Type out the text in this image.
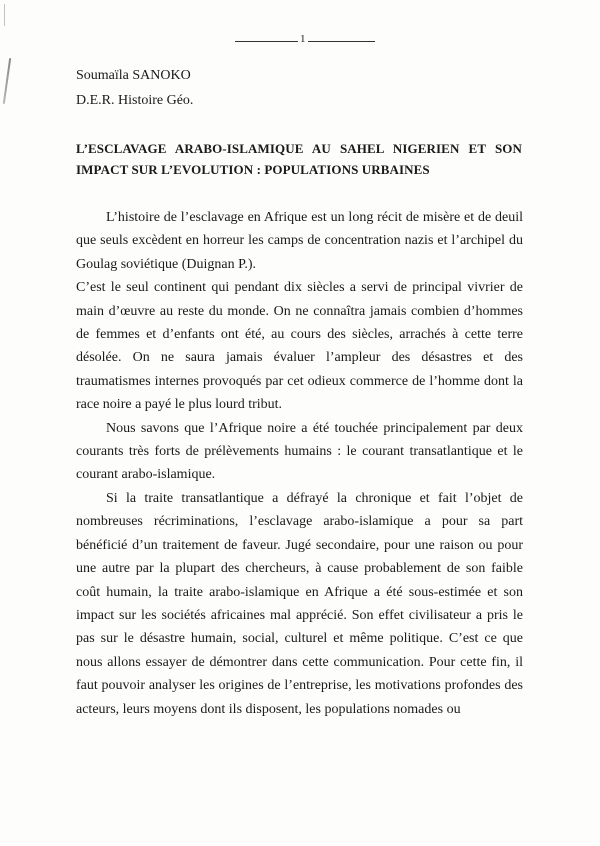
1
Soumaïla SANOKO
D.E.R. Histoire Géo.
L’ESCLAVAGE ARABO-ISLAMIQUE AU SAHEL NIGERIEN ET SON IMPACT SUR L’EVOLUTION : POPULATIONS URBAINES

L’histoire de l’esclavage en Afrique est un long récit de misère et de deuil que seuls excèdent en horreur les camps de concentration nazis et l’archipel du Goulag soviétique (Duignan P.).

C’est le seul continent qui pendant dix siècles a servi de principal vivrier de main d’œuvre au reste du monde. On ne connaîtra jamais combien d’hommes de femmes et d’enfants ont été, au cours des siècles, arrachés à cette terre désolée. On ne saura jamais évaluer l’ampleur des désastres et des traumatismes internes provoqués par cet odieux commerce de l’homme dont la race noire a payé le plus lourd tribut.

Nous savons que l’Afrique noire a été touchée principalement par deux courants très forts de prélèvements humains : le courant transatlantique et le courant arabo-islamique.

Si la traite transatlantique a défrayé la chronique et fait l’objet de nombreuses récriminations, l’esclavage arabo-islamique a pour sa part bénéficié d’un traitement de faveur. Jugé secondaire, pour une raison ou pour une autre par la plupart des chercheurs, à cause probablement de son faible coût humain, la traite arabo-islamique en Afrique a été sous-estimée et son impact sur les sociétés africaines mal apprécié. Son effet civilisateur a pris le pas sur le désastre humain, social, culturel et même politique. C’est ce que nous allons essayer de démontrer dans cette communication. Pour cette fin, il faut pouvoir analyser les origines de l’entreprise, les motivations profondes des acteurs, leurs moyens dont ils disposent, les populations nomades ou
